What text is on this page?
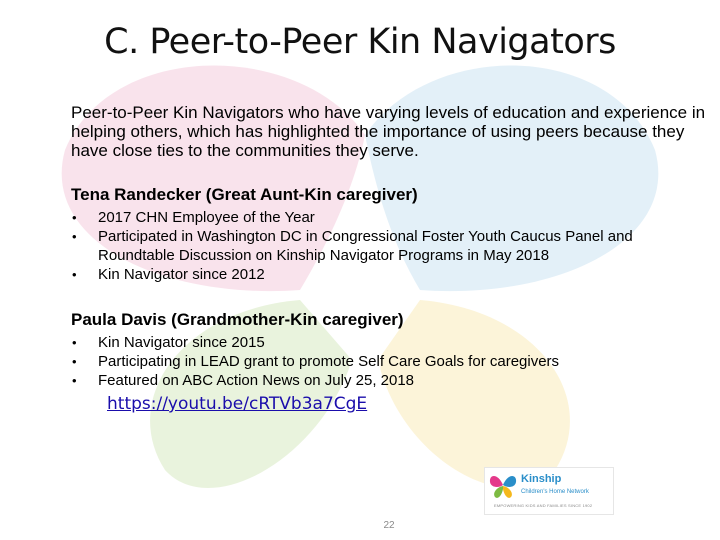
C. Peer-to-Peer Kin Navigators
Peer-to-Peer Kin Navigators who have varying levels of education and experience in helping others, which has highlighted the importance of using peers because they have close ties to the communities they serve.
Tena Randecker (Great Aunt-Kin caregiver)
• 2017 CHN Employee of the Year
• Participated in Washington DC in Congressional Foster Youth Caucus Panel and Roundtable Discussion on Kinship Navigator Programs in May 2018
• Kin Navigator since 2012
Paula Davis (Grandmother-Kin caregiver)
• Kin Navigator since 2015
• Participating in LEAD grant to promote Self Care Goals for caregivers
• Featured on ABC Action News on July 25, 2018
https://youtu.be/cRTVb3a7CgE
Kinship
Children's Home Network
EMPOWERING KIDS AND FAMILIES SINCE 1902
22
